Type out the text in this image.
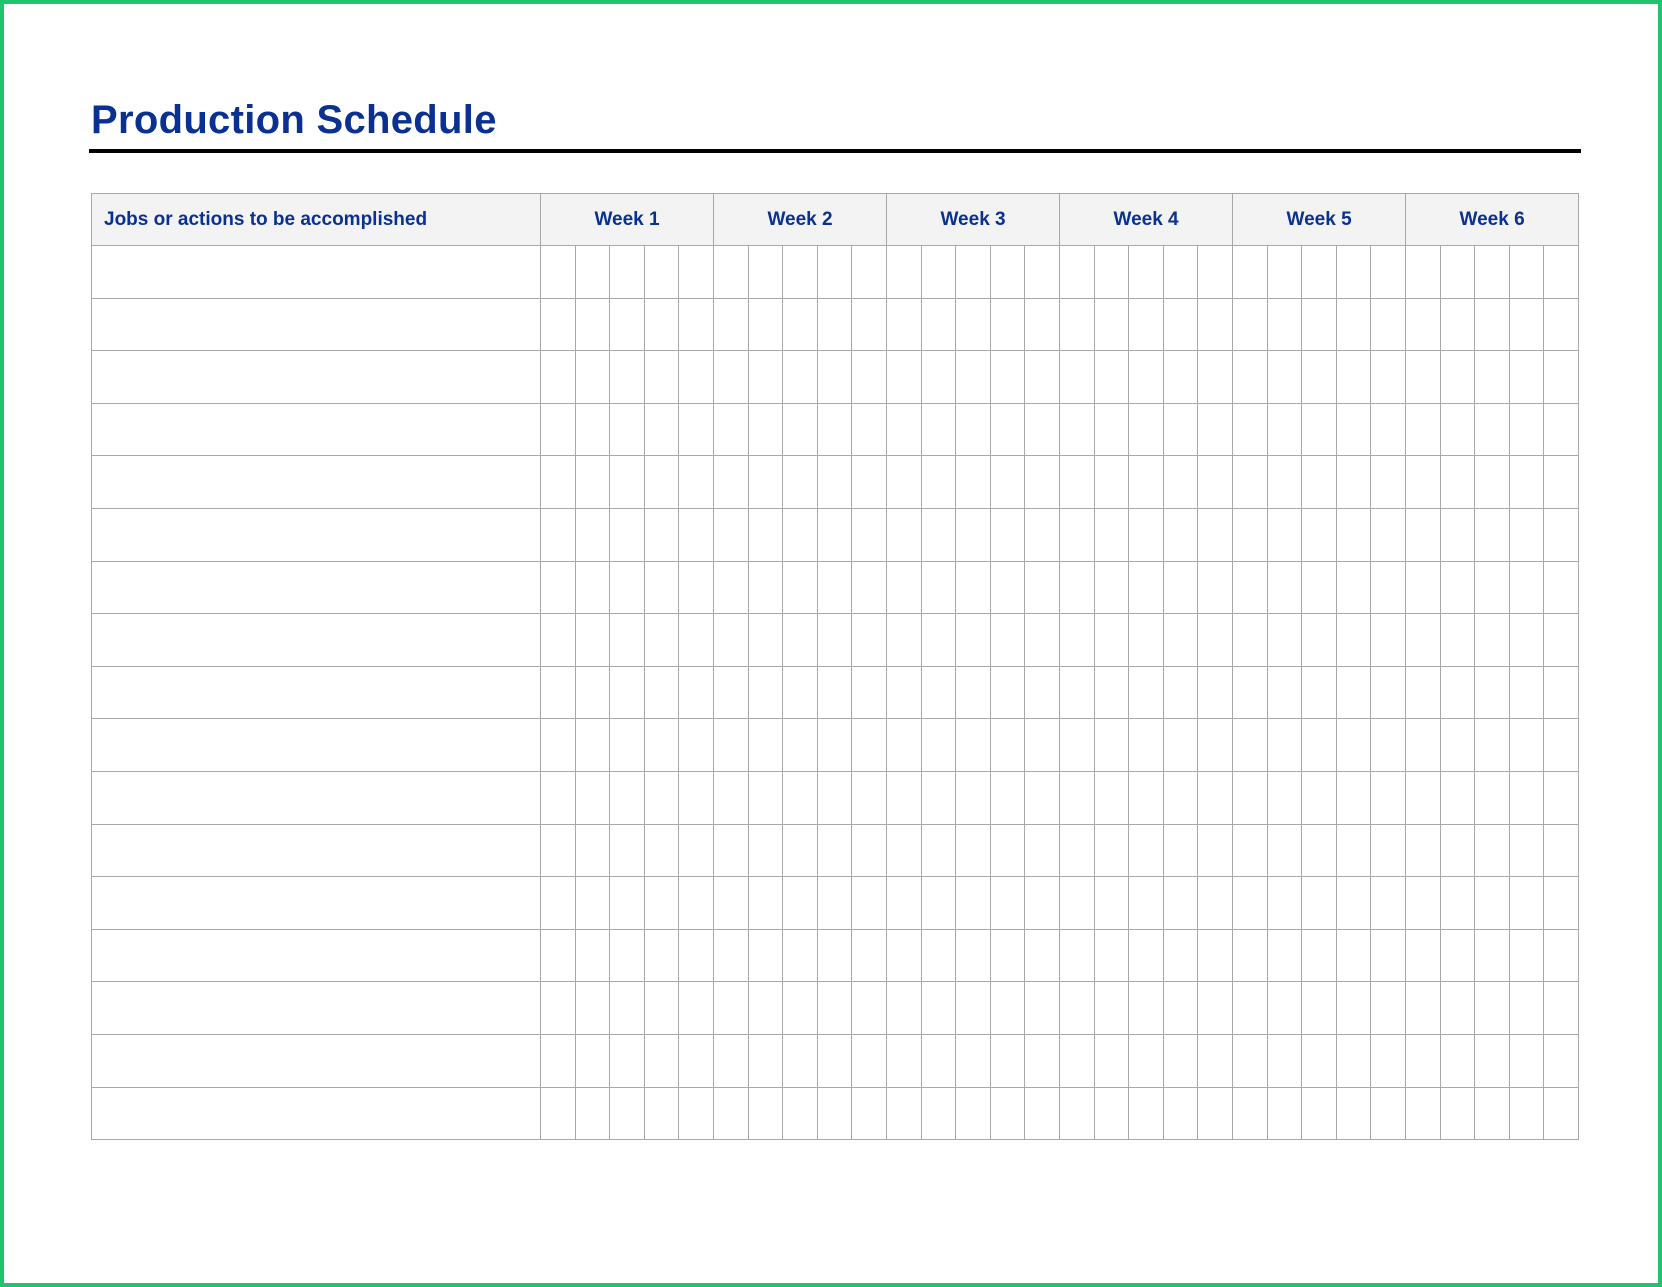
Production Schedule
Jobs or actions to be accomplished	Week 1					Week 2					Week 3					Week 4					Week 5					Week 6				
